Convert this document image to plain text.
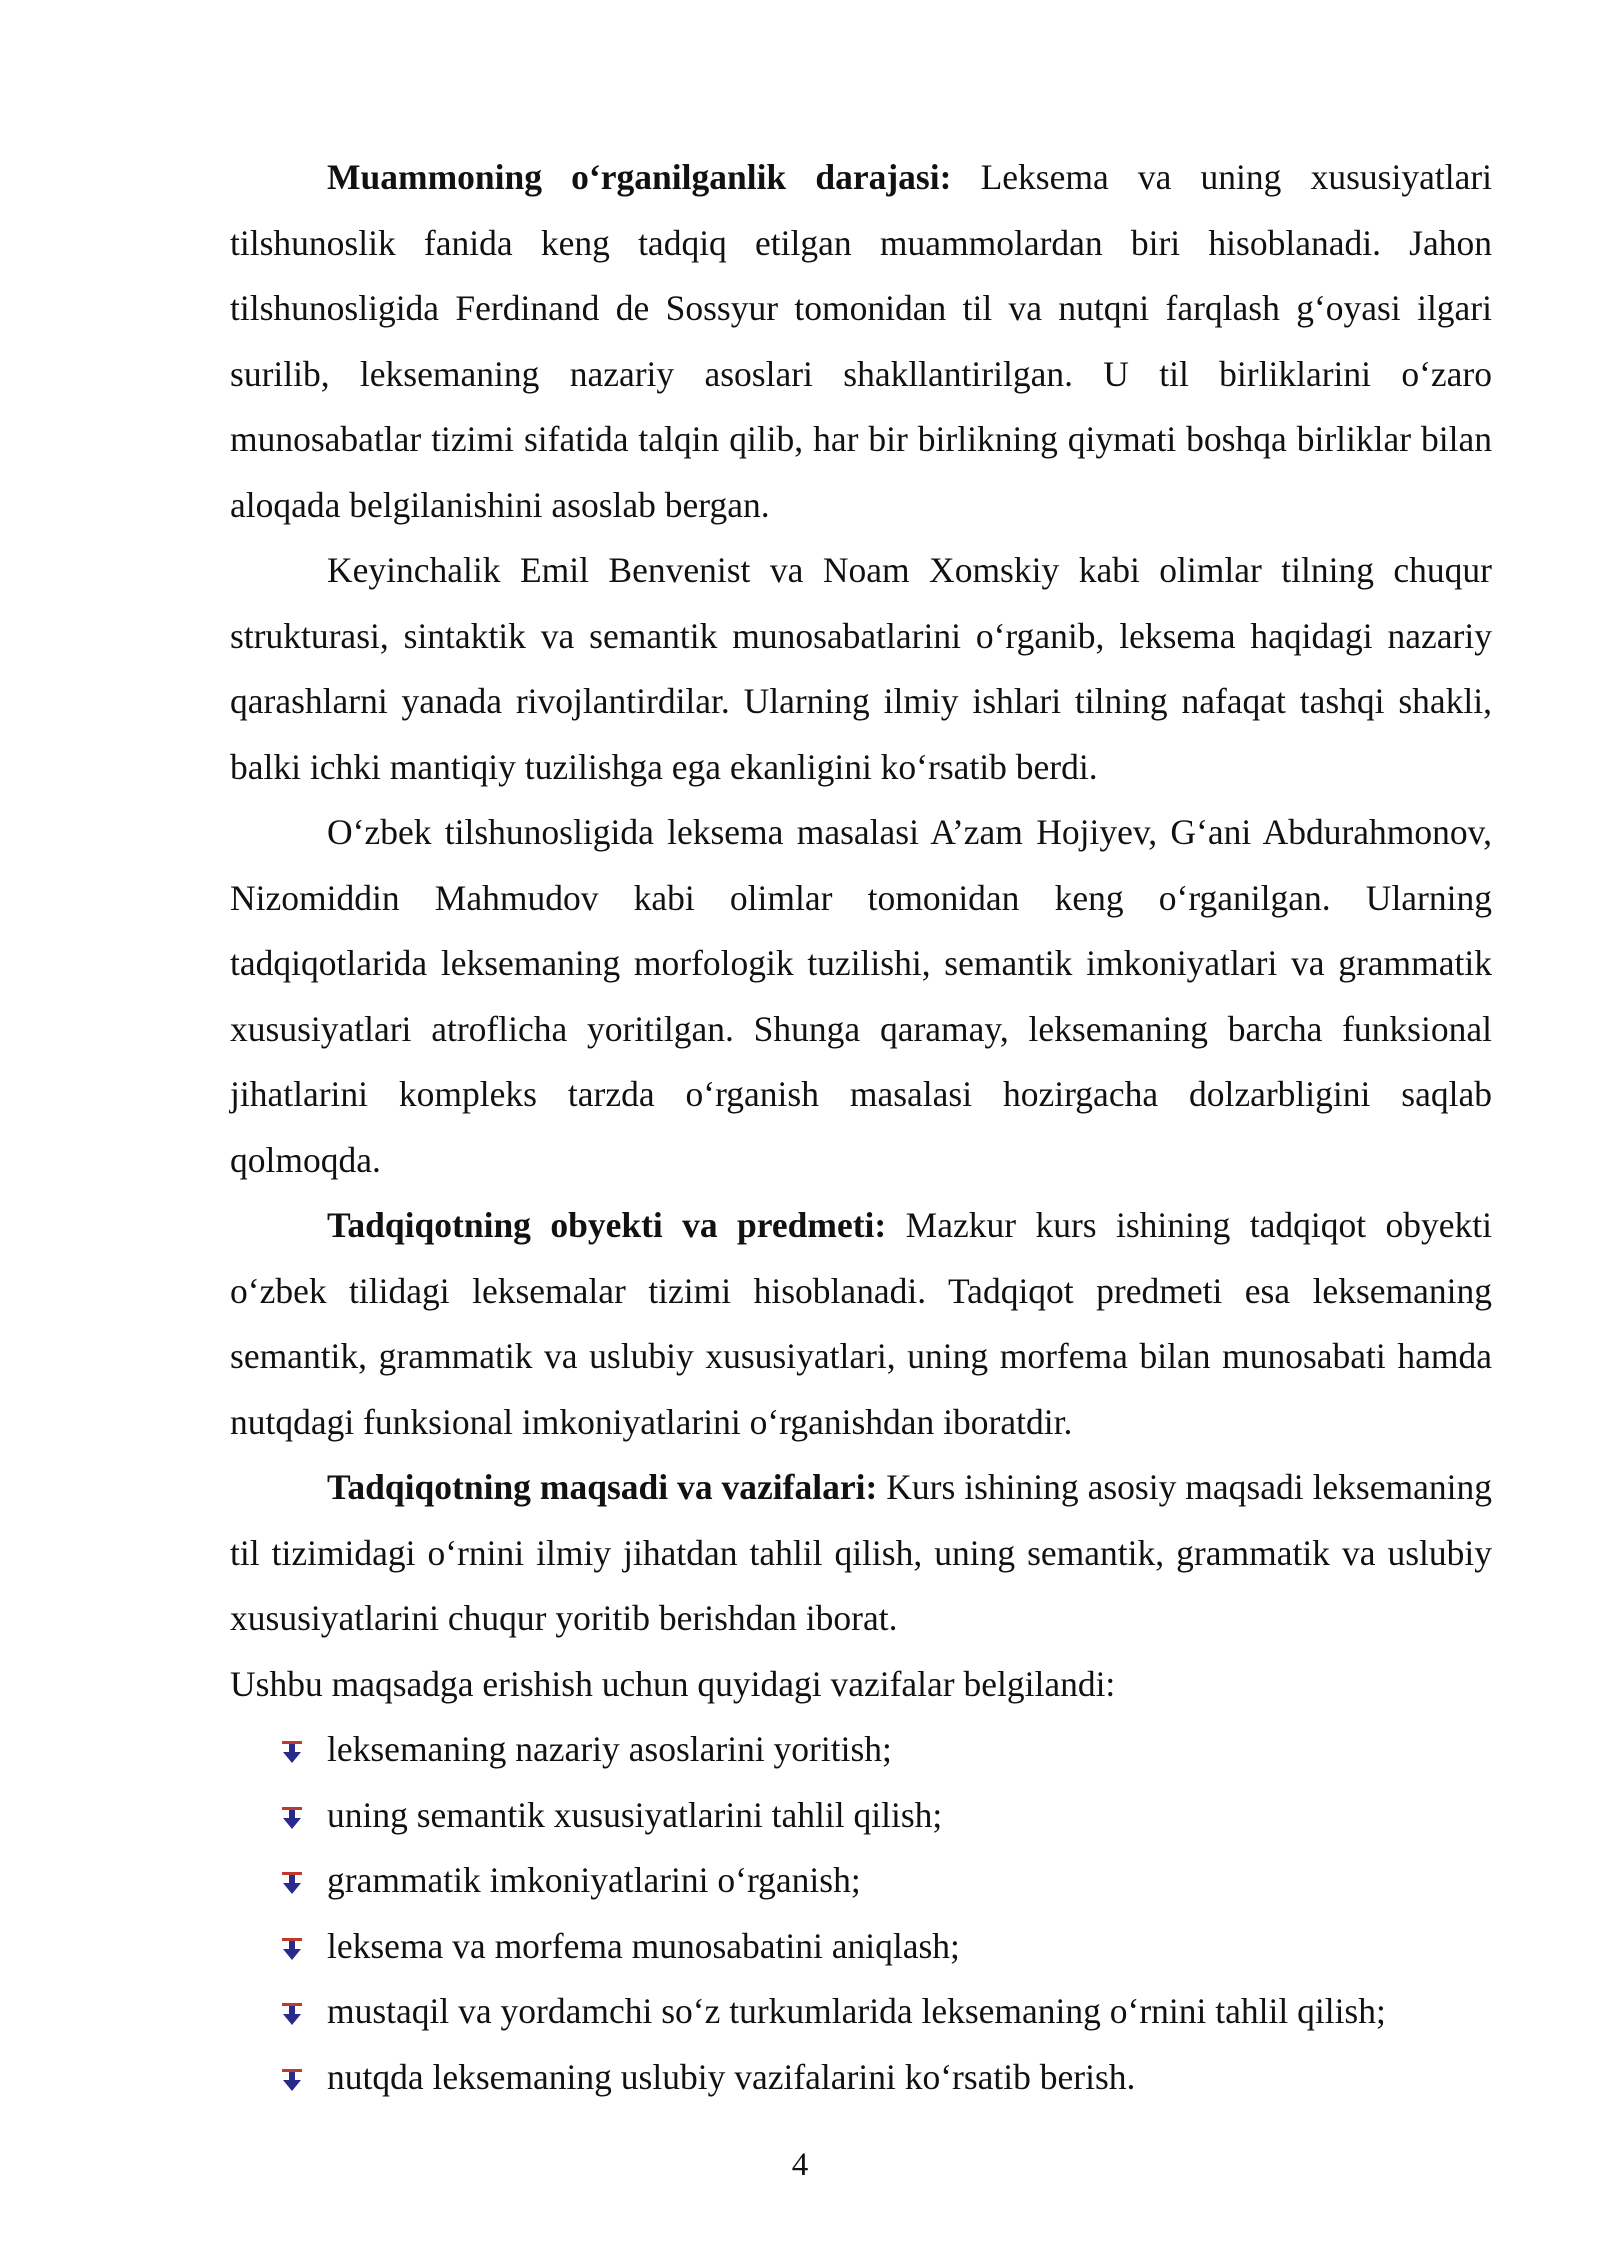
Muammoning o‘rganilganlik darajasi: Leksema va uning xususiyatlari tilshunoslik fanida keng tadqiq etilgan muammolardan biri hisoblanadi. Jahon tilshunosligida Ferdinand de Sossyur tomonidan til va nutqni farqlash g‘oyasi ilgari surilib, leksemaning nazariy asoslari shakllantirilgan. U til birliklarini o‘zaro munosabatlar tizimi sifatida talqin qilib, har bir birlikning qiymati boshqa birliklar bilan aloqada belgilanishini asoslab bergan.

Keyinchalik Emil Benvenist va Noam Xomskiy kabi olimlar tilning chuqur strukturasi, sintaktik va semantik munosabatlarini o‘rganib, leksema haqidagi nazariy qarashlarni yanada rivojlantirdilar. Ularning ilmiy ishlari tilning nafaqat tashqi shakli, balki ichki mantiqiy tuzilishga ega ekanligini ko‘rsatib berdi.

O‘zbek tilshunosligida leksema masalasi A’zam Hojiyev, G‘ani Abdurahmonov, Nizomiddin Mahmudov kabi olimlar tomonidan keng o‘rganilgan. Ularning tadqiqotlarida leksemaning morfologik tuzilishi, semantik imkoniyatlari va grammatik xususiyatlari atroflicha yoritilgan. Shunga qaramay, leksemaning barcha funksional jihatlarini kompleks tarzda o‘rganish masalasi hozirgacha dolzarbligini saqlab qolmoqda.

Tadqiqotning obyekti va predmeti: Mazkur kurs ishining tadqiqot obyekti o‘zbek tilidagi leksemalar tizimi hisoblanadi. Tadqiqot predmeti esa leksemaning semantik, grammatik va uslubiy xususiyatlari, uning morfema bilan munosabati hamda nutqdagi funksional imkoniyatlarini o‘rganishdan iboratdir.

Tadqiqotning maqsadi va vazifalari: Kurs ishining asosiy maqsadi leksemaning til tizimidagi o‘rnini ilmiy jihatdan tahlil qilish, uning semantik, grammatik va uslubiy xususiyatlarini chuqur yoritib berishdan iborat.

Ushbu maqsadga erishish uchun quyidagi vazifalar belgilandi:

leksemaning nazariy asoslarini yoritish;
uning semantik xususiyatlarini tahlil qilish;
grammatik imkoniyatlarini o‘rganish;
leksema va morfema munosabatini aniqlash;
mustaqil va yordamchi so‘z turkumlarida leksemaning o‘rnini tahlil qilish;
nutqda leksemaning uslubiy vazifalarini ko‘rsatib berish.
4
